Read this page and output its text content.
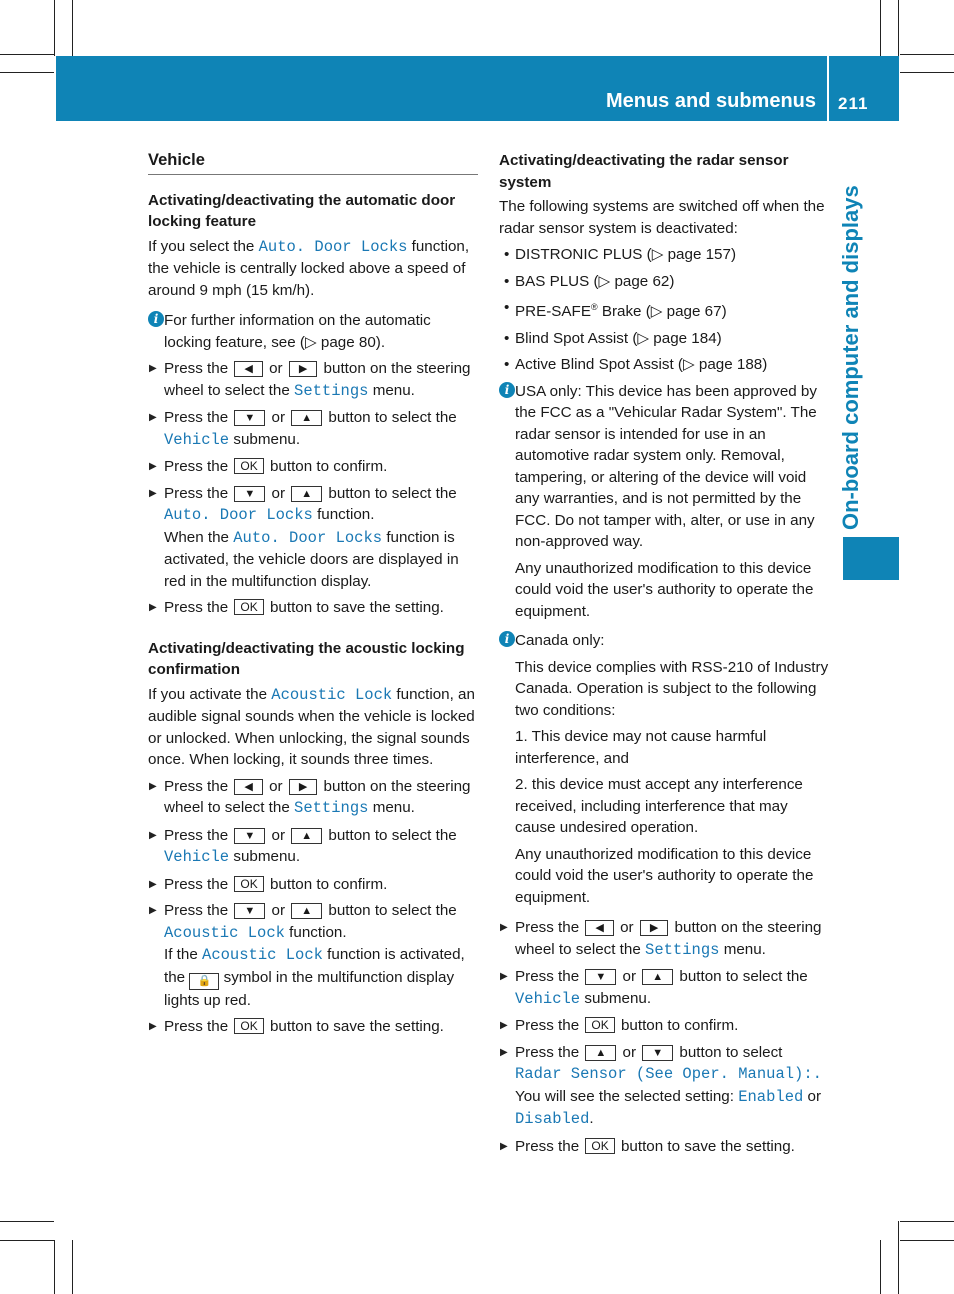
Menus and submenus 211
On-board computer and displays
Vehicle
Activating/deactivating the automatic door locking feature

If you select the Auto. Door Locks function, the vehicle is centrally locked above a speed of around 9 mph (15 km/h).

i For further information on the automatic locking feature, see (▷ page 80).
▶ Press the ◀ or ▶ button on the steering wheel to select the Settings menu.
▶ Press the ▼ or ▲ button to select the Vehicle submenu.
▶ Press the OK button to confirm.
▶ Press the ▼ or ▲ button to select the Auto. Door Locks function.
When the Auto. Door Locks function is activated, the vehicle doors are displayed in red in the multifunction display.
▶ Press the OK button to save the setting.
Activating/deactivating the acoustic locking confirmation

If you activate the Acoustic Lock function, an audible signal sounds when the vehicle is locked or unlocked. When unlocking, the signal sounds once. When locking, it sounds three times.

▶ Press the ◀ or ▶ button on the steering wheel to select the Settings menu.
▶ Press the ▼ or ▲ button to select the Vehicle submenu.
▶ Press the OK button to confirm.
▶ Press the ▼ or ▲ button to select the Acoustic Lock function.
If the Acoustic Lock function is activated, the 🔒 symbol in the multifunction display lights up red.
▶ Press the OK button to save the setting.
Activating/deactivating the radar sensor system

The following systems are switched off when the radar sensor system is deactivated:

• DISTRONIC PLUS (▷ page 157)
• BAS PLUS (▷ page 62)
• PRE-SAFE® Brake (▷ page 67)
• Blind Spot Assist (▷ page 184)
• Active Blind Spot Assist (▷ page 188)
i USA only: This device has been approved by the FCC as a "Vehicular Radar System". The radar sensor is intended for use in an automotive radar system only. Removal, tampering, or altering of the device will void any warranties, and is not permitted by the FCC. Do not tamper with, alter, or use in any non-approved way.
Any unauthorized modification to this device could void the user's authority to operate the equipment.
i Canada only:
This device complies with RSS-210 of Industry Canada. Operation is subject to the following two conditions:
1. This device may not cause harmful interference, and
2. this device must accept any interference received, including interference that may cause undesired operation.
Any unauthorized modification to this device could void the user's authority to operate the equipment.
▶ Press the ◀ or ▶ button on the steering wheel to select the Settings menu.
▶ Press the ▼ or ▲ button to select the Vehicle submenu.
▶ Press the OK button to confirm.
▶ Press the ▲ or ▼ button to select Radar Sensor (See Oper. Manual):.
You will see the selected setting: Enabled or Disabled.
▶ Press the OK button to save the setting.
